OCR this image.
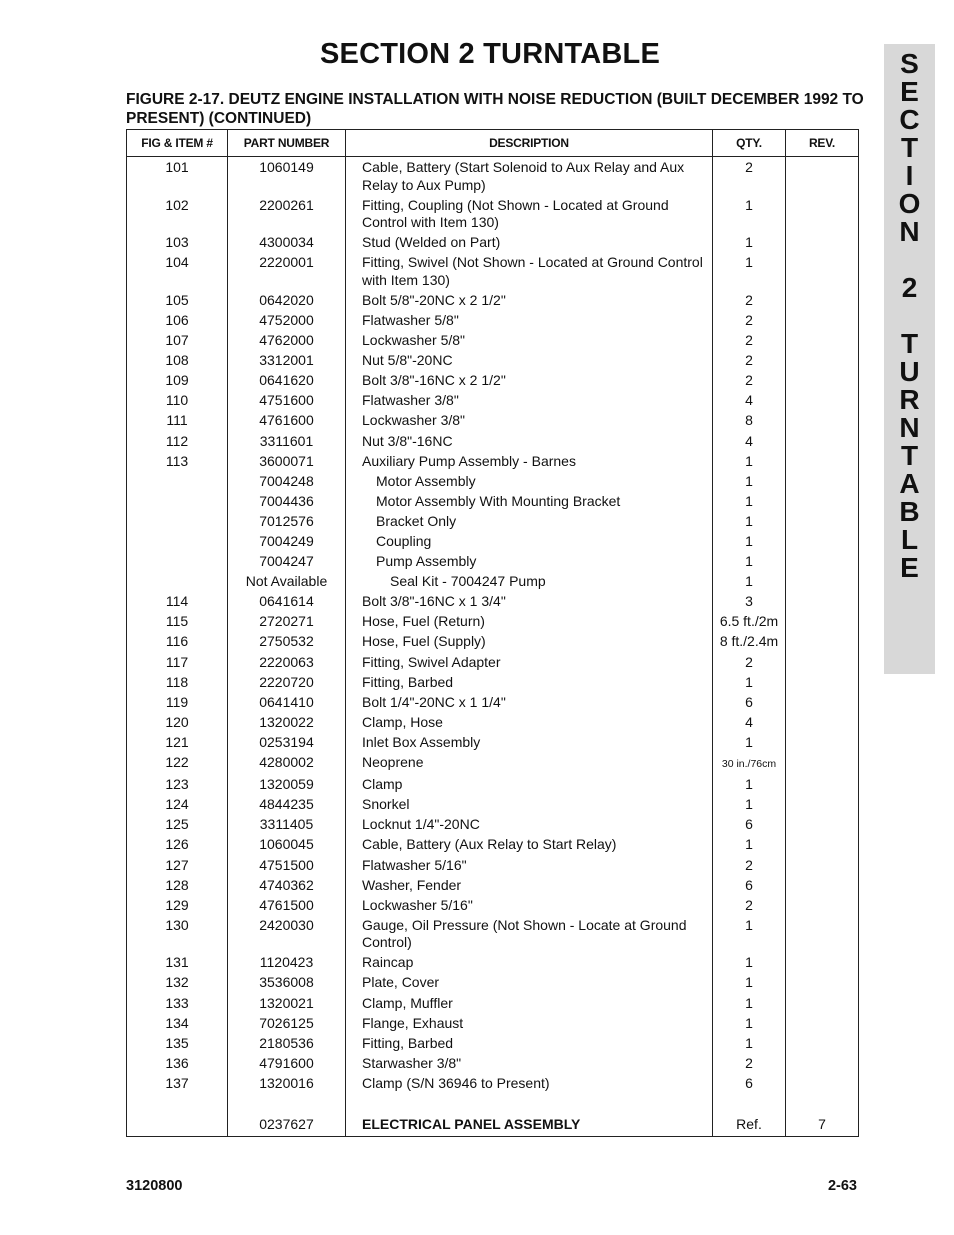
SECTION 2 TURNTABLE	S
E
C
T
I
O
N
2
T
U
R
N
T
A
B
L
E
FIGURE 2-17. DEUTZ ENGINE INSTALLATION WITH NOISE REDUCTION (BUILT DECEMBER 1992 TO PRESENT) (CONTINUED)
FIG & ITEM #	PART NUMBER	DESCRIPTION	QTY.	REV.
101	1060149	Cable, Battery (Start Solenoid to Aux Relay and Aux Relay to Aux Pump)	2	
102	2200261	Fitting, Coupling (Not Shown - Located at Ground Control with Item 130)	1	
103	4300034	Stud (Welded on Part)	1	
104	2220001	Fitting, Swivel (Not Shown - Located at Ground Control with Item 130)	1	
105	0642020	Bolt 5/8"-20NC x 2 1/2"	2	
106	4752000	Flatwasher 5/8"	2	
107	4762000	Lockwasher 5/8"	2	
108	3312001	Nut 5/8"-20NC	2	
109	0641620	Bolt 3/8"-16NC x 2 1/2"	2	
110	4751600	Flatwasher 3/8"	4	
111	4761600	Lockwasher 3/8"	8	
112	3311601	Nut 3/8"-16NC	4	
113	3600071	Auxiliary Pump Assembly - Barnes	1	
	7004248	Motor Assembly	1	
	7004436	Motor Assembly With Mounting Bracket	1	
	7012576	Bracket Only	1	
	7004249	Coupling	1	
	7004247	Pump Assembly	1	
	Not Available	Seal Kit - 7004247 Pump	1	
114	0641614	Bolt 3/8"-16NC x 1 3/4"	3	
115	2720271	Hose, Fuel (Return)	6.5 ft./2m	
116	2750532	Hose, Fuel (Supply)	8 ft./2.4m	
117	2220063	Fitting, Swivel Adapter	2	
118	2220720	Fitting, Barbed	1	
119	0641410	Bolt 1/4"-20NC x 1 1/4"	6	
120	1320022	Clamp, Hose	4	
121	0253194	Inlet Box Assembly	1	
122	4280002	Neoprene	30 in./76cm	
123	1320059	Clamp	1	
124	4844235	Snorkel	1	
125	3311405	Locknut 1/4"-20NC	6	
126	1060045	Cable, Battery (Aux Relay to Start Relay)	1	
127	4751500	Flatwasher 5/16"	2	
128	4740362	Washer, Fender	6	
129	4761500	Lockwasher 5/16"	2	
130	2420030	Gauge, Oil Pressure (Not Shown - Locate at Ground Control)	1	
131	1120423	Raincap	1	
132	3536008	Plate, Cover	1	
133	1320021	Clamp, Muffler	1	
134	7026125	Flange, Exhaust	1	
135	2180536	Fitting, Barbed	1	
136	4791600	Starwasher 3/8"	2	
137	1320016	Clamp (S/N 36946 to Present)	6	

	0237627	ELECTRICAL PANEL ASSEMBLY	Ref.	7
3120800	2-63
